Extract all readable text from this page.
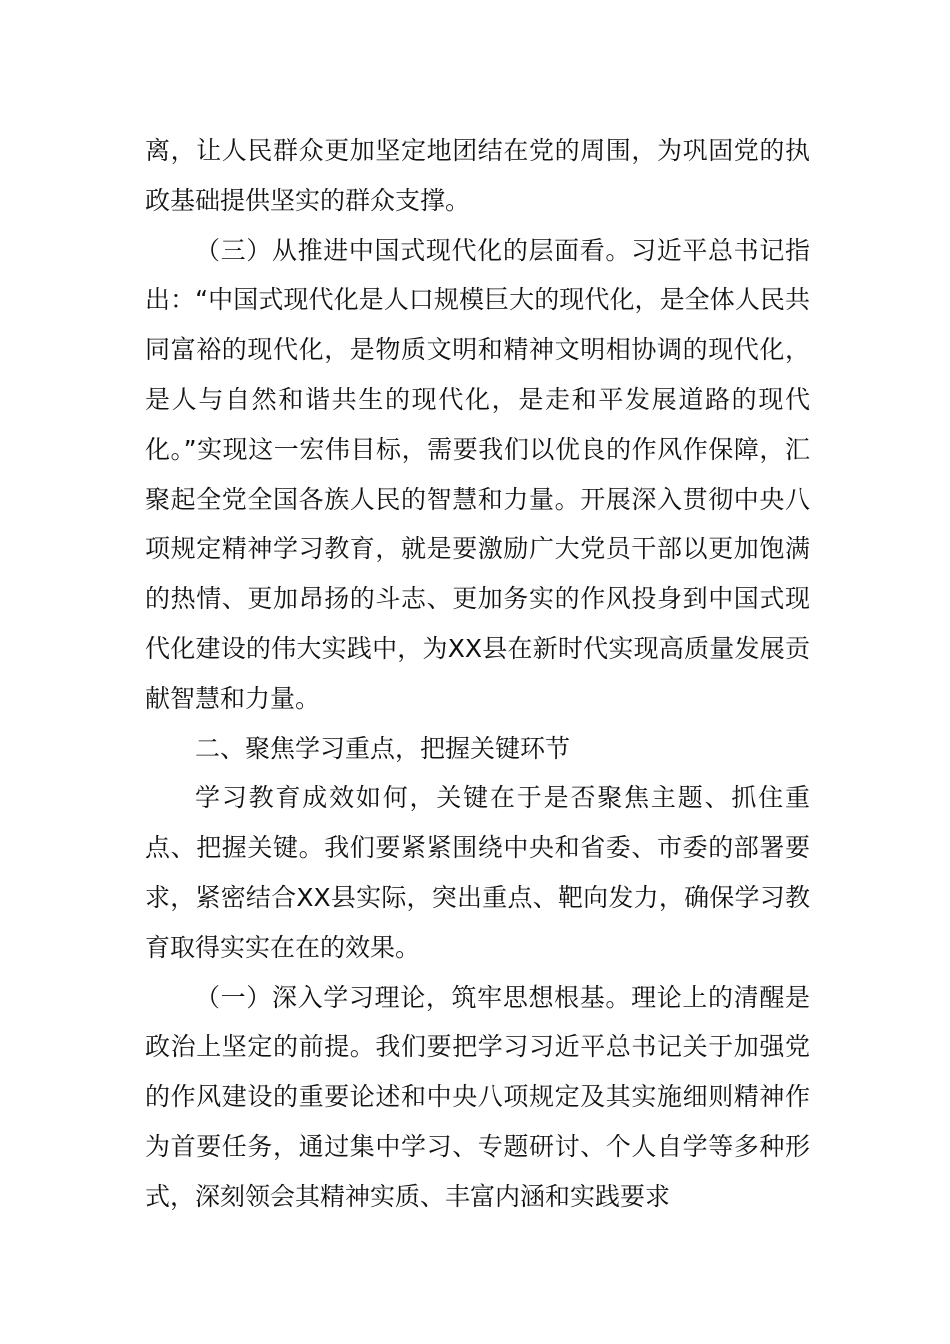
离，让人民群众更加坚定地团结在党的周围，为巩固党的执政基础提供坚实的群众支撑。

（三）从推进中国式现代化的层面看。习近平总书记指出：“中国式现代化是人口规模巨大的现代化，是全体人民共同富裕的现代化，是物质文明和精神文明相协调的现代化，是人与自然和谐共生的现代化，是走和平发展道路的现代化。”实现这一宏伟目标，需要我们以优良的作风作保障，汇聚起全党全国各族人民的智慧和力量。开展深入贯彻中央八项规定精神学习教育，就是要激励广大党员干部以更加饱满的热情、更加昂扬的斗志、更加务实的作风投身到中国式现代化建设的伟大实践中，为XX县在新时代实现高质量发展贡献智慧和力量。

二、聚焦学习重点，把握关键环节

学习教育成效如何，关键在于是否聚焦主题、抓住重点、把握关键。我们要紧紧围绕中央和省委、市委的部署要求，紧密结合XX县实际，突出重点、靶向发力，确保学习教育取得实实在在的效果。

（一）深入学习理论，筑牢思想根基。理论上的清醒是政治上坚定的前提。我们要把学习习近平总书记关于加强党的作风建设的重要论述和中央八项规定及其实施细则精神作为首要任务，通过集中学习、专题研讨、个人自学等多种形式，深刻领会其精神实质、丰富内涵和实践要求
